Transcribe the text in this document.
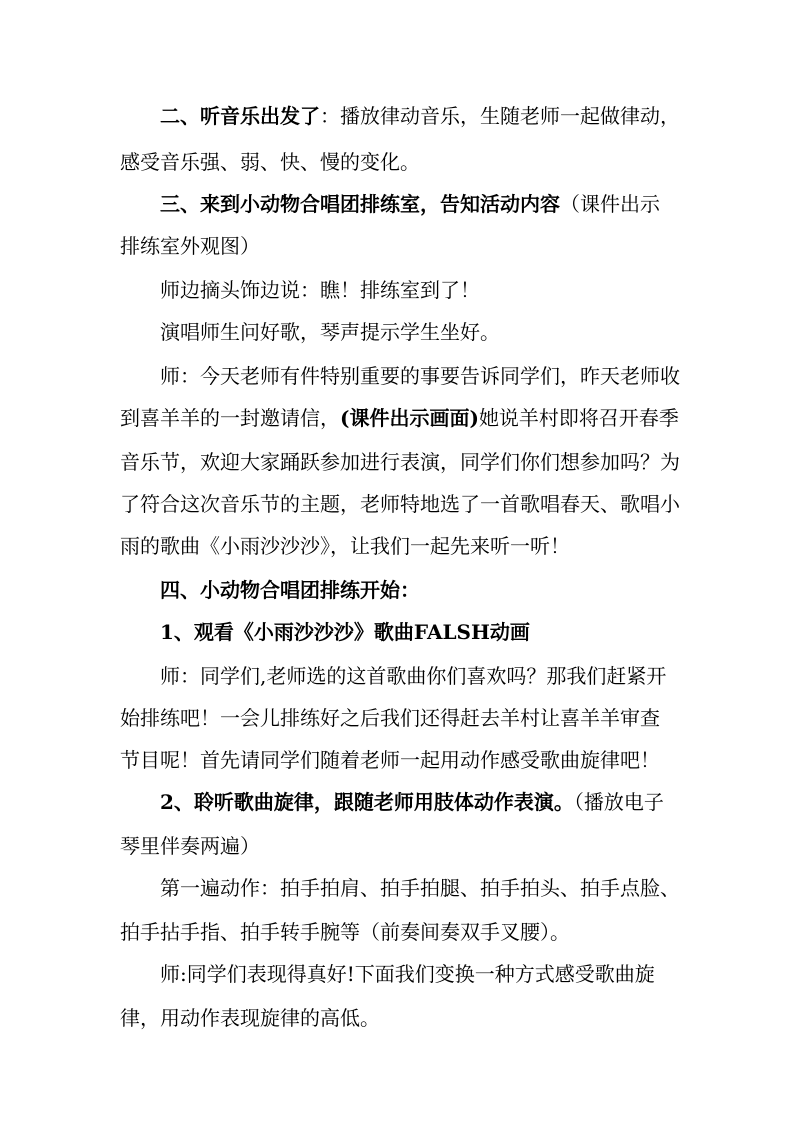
二、听音乐出发了：播放律动音乐，生随老师一起做律动，
感受音乐强、弱、快、慢的变化。
三、来到小动物合唱团排练室，告知活动内容（课件出示
排练室外观图）
师边摘头饰边说：瞧！排练室到了！
演唱师生问好歌，琴声提示学生坐好。
师：今天老师有件特别重要的事要告诉同学们，昨天老师收
到喜羊羊的一封邀请信，(课件出示画面)她说羊村即将召开春季
音乐节，欢迎大家踊跃参加进行表演，同学们你们想参加吗？为
了符合这次音乐节的主题，老师特地选了一首歌唱春天、歌唱小
雨的歌曲《小雨沙沙沙》，让我们一起先来听一听！
四、小动物合唱团排练开始：
1、观看《小雨沙沙沙》歌曲FALSH动画
师：同学们,老师选的这首歌曲你们喜欢吗？那我们赶紧开
始排练吧！一会儿排练好之后我们还得赶去羊村让喜羊羊审查
节目呢！首先请同学们随着老师一起用动作感受歌曲旋律吧！
2、聆听歌曲旋律，跟随老师用肢体动作表演。（播放电子
琴里伴奏两遍）
第一遍动作：拍手拍肩、拍手拍腿、拍手拍头、拍手点脸、
拍手拈手指、拍手转手腕等（前奏间奏双手叉腰）。
师:同学们表现得真好!下面我们变换一种方式感受歌曲旋
律，用动作表现旋律的高低。
